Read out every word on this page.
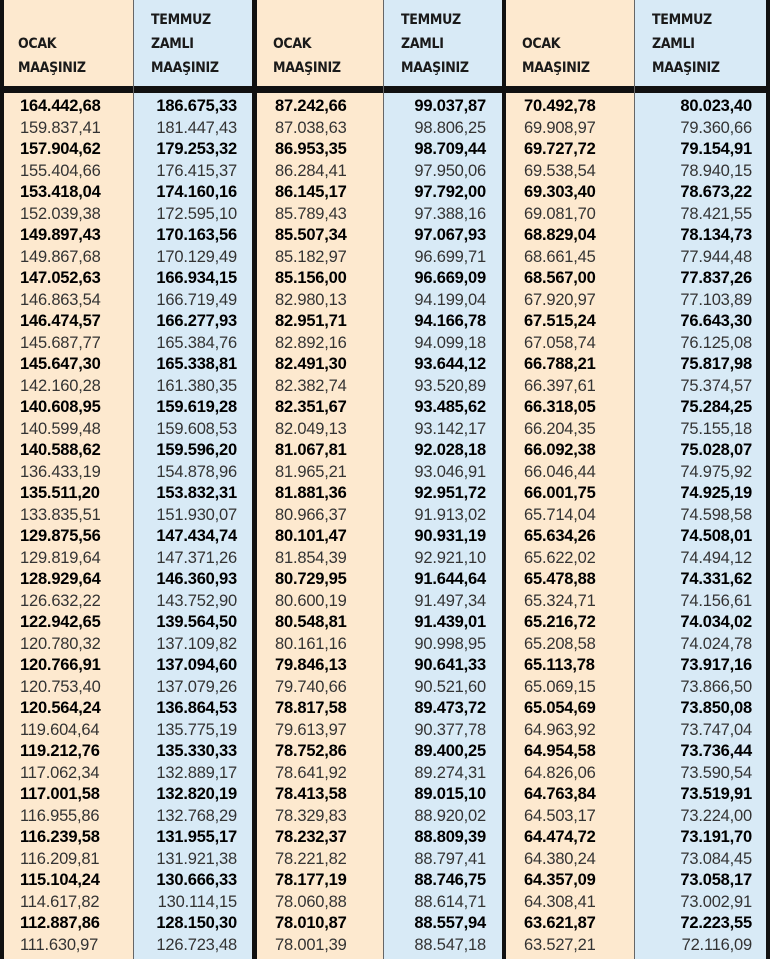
OCAK
MAAŞINIZ
164.442,68
159.837,41
157.904,62
155.404,66
153.418,04
152.039,38
149.897,43
149.867,68
147.052,63
146.863,54
146.474,57
145.687,77
145.647,30
142.160,28
140.608,95
140.599,48
140.588,62
136.433,19
135.511,20
133.835,51
129.875,56
129.819,64
128.929,64
126.632,22
122.942,65
120.780,32
120.766,91
120.753,40
120.564,24
119.604,64
119.212,76
117.062,34
117.001,58
116.955,86
116.239,58
116.209,81
115.104,24
114.617,82
112.887,86
111.630,97
TEMMUZ
ZAMLI
MAAŞINIZ
186.675,33
181.447,43
179.253,32
176.415,37
174.160,16
172.595,10
170.163,56
170.129,49
166.934,15
166.719,49
166.277,93
165.384,76
165.338,81
161.380,35
159.619,28
159.608,53
159.596,20
154.878,96
153.832,31
151.930,07
147.434,74
147.371,26
146.360,93
143.752,90
139.564,50
137.109,82
137.094,60
137.079,26
136.864,53
135.775,19
135.330,33
132.889,17
132.820,19
132.768,29
131.955,17
131.921,38
130.666,33
130.114,15
128.150,30
126.723,48
OCAK
MAAŞINIZ
87.242,66
87.038,63
86.953,35
86.284,41
86.145,17
85.789,43
85.507,34
85.182,97
85.156,00
82.980,13
82.951,71
82.892,16
82.491,30
82.382,74
82.351,67
82.049,13
81.067,81
81.965,21
81.881,36
80.966,37
80.101,47
81.854,39
80.729,95
80.600,19
80.548,81
80.161,16
79.846,13
79.740,66
78.817,58
79.613,97
78.752,86
78.641,92
78.413,58
78.329,83
78.232,37
78.221,82
78.177,19
78.060,88
78.010,87
78.001,39
TEMMUZ
ZAMLI
MAAŞINIZ
99.037,87
98.806,25
98.709,44
97.950,06
97.792,00
97.388,16
97.067,93
96.699,71
96.669,09
94.199,04
94.166,78
94.099,18
93.644,12
93.520,89
93.485,62
93.142,17
92.028,18
93.046,91
92.951,72
91.913,02
90.931,19
92.921,10
91.644,64
91.497,34
91.439,01
90.998,95
90.641,33
90.521,60
89.473,72
90.377,78
89.400,25
89.274,31
89.015,10
88.920,02
88.809,39
88.797,41
88.746,75
88.614,71
88.557,94
88.547,18
OCAK
MAAŞINIZ
70.492,78
69.908,97
69.727,72
69.538,54
69.303,40
69.081,70
68.829,04
68.661,45
68.567,00
67.920,97
67.515,24
67.058,74
66.788,21
66.397,61
66.318,05
66.204,35
66.092,38
66.046,44
66.001,75
65.714,04
65.634,26
65.622,02
65.478,88
65.324,71
65.216,72
65.208,58
65.113,78
65.069,15
65.054,69
64.963,92
64.954,58
64.826,06
64.763,84
64.503,17
64.474,72
64.380,24
64.357,09
64.308,41
63.621,87
63.527,21
TEMMUZ
ZAMLI
MAAŞINIZ
80.023,40
79.360,66
79.154,91
78.940,15
78.673,22
78.421,55
78.134,73
77.944,48
77.837,26
77.103,89
76.643,30
76.125,08
75.817,98
75.374,57
75.284,25
75.155,18
75.028,07
74.975,92
74.925,19
74.598,58
74.508,01
74.494,12
74.331,62
74.156,61
74.034,02
74.024,78
73.917,16
73.866,50
73.850,08
73.747,04
73.736,44
73.590,54
73.519,91
73.224,00
73.191,70
73.084,45
73.058,17
73.002,91
72.223,55
72.116,09
